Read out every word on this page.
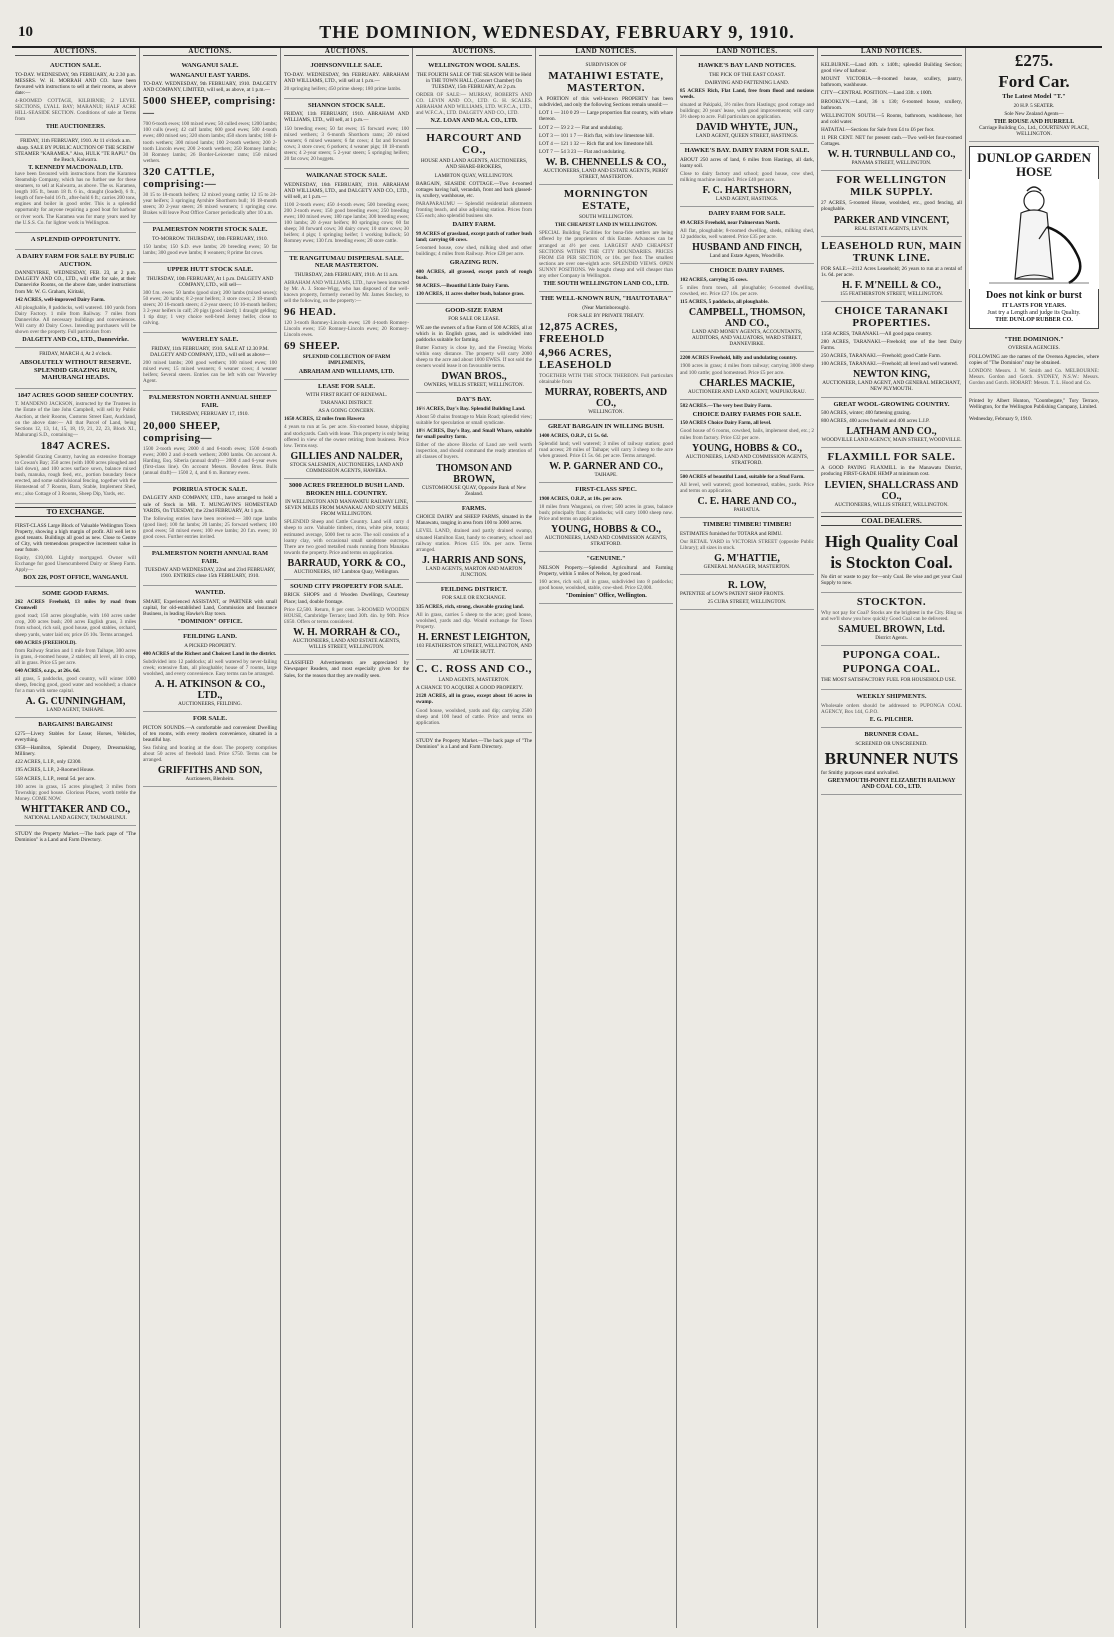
10	THE DOMINION, WEDNESDAY, FEBRUARY 9, 1910.
AUCTIONS.
AUCTION SALE.

TO-DAY. WEDNESDAY, 9th FEBRUARY, At 2.30 p.m. MESSRS. W. H. MORRAH AND CO. have been favoured with instructions to sell at their rooms, as above date:—

4-ROOMED COTTAGE, KILBIRNIE; 2 LEVEL SECTIONS, LYALL BAY; MARANUI; HALF ACRE HILL-SEASIDE SECTION. Conditions of sale at Terms from

THE AUCTIONEERS.

FRIDAY, 11th FEBRUARY, 1910. At 11 o'clock a.m. sharp. SALE BY PUBLIC AUCTION OF THE SCREW STEAMER "KARAMEA." Also, HULK "TE RAPU." On the Beach, Kaiwarra.

T. KENNEDY MACDONALD, LTD.

have been favoured with instructions from the Karamea Steamship Company, which has no further use for these steamers, to sell at Kaiwarra, as above. The ss. Karamea, length 105 ft., beam 18 ft. 6 in., draught (loaded), 6 ft., length of fore-hold 16 ft., after-hold 6 ft.; carries 200 tons, engines and boiler in good order. This is a splendid opportunity for anyone requiring a good boat for harbour or river work. The Karamea was for many years used by the U.S.S. Co. for lighter work in Wellington.

A SPLENDID OPPORTUNITY.
A DAIRY FARM FOR SALE BY PUBLIC AUCTION.

DANNEVIRKE, WEDNESDAY, FEB. 23, at 2 p.m. DALGETY AND CO., LTD., will offer for sale, at their Dannevirke Rooms, on the above date, under instructions from Mr. W. G. Graham, Kiritaki,

142 ACRES, well-improved Dairy Farm.

All ploughable, 8 paddocks, well watered. 100 yards from Dairy Factory. 1 mile from Railway. 7 miles from Dannevirke. All necessary buildings and conveniences. Will carry 40 Dairy Cows. Intending purchasers will be shown over the property. Full particulars from

DALGETY AND CO., LTD., Dannevirke.

FRIDAY, MARCH 4, At 2 o'clock.

ABSOLUTELY WITHOUT RESERVE. SPLENDID GRAZING RUN, MAHURANGI HEADS.
1847 ACRES GOOD SHEEP COUNTRY.

T. MANDENO JACKSON, instructed by the Trustees in the Estate of the late John Campbell, will sell by Public Auction, at their Rooms, Customs Street East, Auckland, on the above date:— All that Parcel of Land, being Sections 12, 13, 14, 15, 18, 19, 21, 22, 23, Block XI., Mahurangi S.D., containing—

1847 ACRES.

Splendid Grazing Country, having an extensive frontage to Cowan's Bay; 350 acres (with 1000 acres ploughed and laid down), and 100 acres surface sown, balance mixed bush, manuka, rough feed, etc., portion boundary fence erected, and some subdivisional fencing, together with the Homestead of 7 Rooms, Barn, Stable, Implement Shed, etc.; also Cottage of 3 Rooms, Sheep Dip, Yards, etc.

TO EXCHANGE.

FIRST-CLASS Large Block of Valuable Wellington Town Property, showing a high margin of profit. All well let to good tenants. Buildings all good as new. Close to Centre of City, with tremendous prospective increment value in near future.

Equity, £10,000. Lightly mortgaged. Owner will Exchange for good Unencumbered Dairy or Sheep Farm. Apply—

BOX 226, POST OFFICE, WANGANUI.
SOME GOOD FARMS.

262 ACRES Freehold, 13 miles by road from Cromwell

good road; 150 acres ploughable, with 160 acres under crop, 200 acres bush; 200 acres English grass, 3 miles from school, rich soil, good house, good stables, orchard, sheep yards, water laid on; price £6 10s. Terms arranged.

600 ACRES (FREEHOLD).

from Railway Station and 1 mile from Taihape, 300 acres in grass, 4-roomed house, 2 stables; all level, all in crop, all in grass. Price £5 per acre.

640 ACRES, o.r.p., at 26s. 6d.

all grass, 5 paddocks, good country, will winter 1000 sheep, fencing good, good water and woolshed; a chance for a man with some capital.

A. G. CUNNINGHAM,
LAND AGENT, TAIHAPE.
BARGAINS! BARGAINS!

£275—Livery Stables for Lease; Horses, Vehicles, everything.

£950—Hamilton, Splendid Drapery, Dressmaking, Millinery.

422 ACRES, L.I.P., only £2300.

195 ACRES, L.I.P., 2-Roomed House.

558 ACRES, L.I.P., rental 5d. per acre.

100 acres in grass, 15 acres ploughed; 3 miles from Township; good house. Glorious Places, worth treble the Money. COME NOW.

WHITTAKER AND CO.,
NATIONAL LAND AGENCY, TAUMARUNUI.

STUDY the Property Market.—The back page of "The Dominion" is a Land and Farm Directory.

AUCTIONS.
WANGANUI SALE.
WANGANUI EAST YARDS.

TO-DAY. WEDNESDAY, 9th FEBRUARY, 1910. DALGETY AND COMPANY, LIMITED, will sell, as above, at 1 p.m.—

5000 SHEEP, comprising:—

700 6-tooth ewes; 100 mixed ewes; 50 culled ewes; 1200 lambs; 100 culls (ewe); 42 calf lambs; 600 good ewes; 500 4-tooth ewes; 400 mixed sex; 320 shorn lambs; 450 shorn lambs; 180 4-tooth wethers; 300 mixed lambs; 100 2-tooth wethers; 200 2-tooth Lincoln ewes; 200 2-tooth wethers; 250 Romney lambs; 30 Romney lambs; 26 Border-Leicester rams; 150 mixed wethers.

320 CATTLE, comprising:—

30 15 to 18-month heifers; 12 mixed young cattle; 12 15 to 24-year heifers; 3 springing Ayrshire Shorthorn bull; 16 18-month steers; 30 2-year steers; 26 mixed weaners; 1 springing cow. Brakes will leave Post Office Corner periodically after 10 a.m.

PALMERSTON NORTH STOCK SALE.

TO-MORROW. THURSDAY, 10th FEBRUARY, 1910.

150 lambs; 150 S.D. ewe lambs; 20 breeding ewes; 50 fat lambs; 300 good ewe lambs; 8 weaners; 8 prime fat cows.

UPPER HUTT STOCK SALE.

THURSDAY, 10th FEBRUARY, At 1 p.m. DALGETY AND COMPANY, LTD., will sell—

300 f.m. ewes; 50 lambs (good size); 200 lambs (mixed sexes); 50 ewes; 20 lambs; 8 2-year heifers; 3 store cows; 2 18-month steers; 20 16-month steers; 4 2-year steers; 10 16-month heifers; 3 2-year heifers in calf; 20 pigs (good sized); 1 draught gelding; 1 tip dray; 1 very choice well-bred Jersey heifer, close to calving.

WAVERLEY SALE.

FRIDAY, 11th FEBRUARY, 1910. SALE AT 12.30 P.M. DALGETY AND COMPANY, LTD., will sell as above—

200 mixed lambs; 200 good wethers; 100 mixed ewes; 100 mixed ewes; 15 mixed weaners; 6 weaner cows; 4 weaner heifers; Several steers. Entries can be left with our Waverley Agent.

PALMERSTON NORTH ANNUAL SHEEP FAIR.

THURSDAY, FEBRUARY 17, 1910.

20,000 SHEEP, comprising—

1500 2-tooth ewes; 2000 4 and 6-tooth ewes; 1500 4-tooth ewes; 2000 2 and 4-tooth wethers; 2000 lambs. On account A. Harding, Esq. Siberia (annual draft)— 2000 4 and 6-year ewes (first-class line). On account Messrs. Bowden Bros. Bulls (annual draft)— 1500 2, 4, and 6 m. Romney ewes.

PORIRUA STOCK SALE.

DALGETY AND COMPANY, LTD., have arranged to hold a sale of Stock in MR. T. MUNGAVIN'S HOMESTEAD YARDS, On TUESDAY, the 22nd FEBRUARY, At 1 p.m.

The following entries have been received:— 300 rape lambs (good line); 100 fat lambs; 20 lambs; 25 forward wethers; 100 good ewes; 50 mixed ewes; 100 ewe lambs; 20 f.m. ewes; 10 good cows. Further entries invited.

PALMERSTON NORTH ANNUAL RAM FAIR.

TUESDAY AND WEDNESDAY, 22nd and 23rd FEBRUARY, 1910. ENTRIES close 15th FEBRUARY, 1910.

WANTED.

SMART, Experienced ASSISTANT, or PARTNER with small capital, for old-established Land, Commission and Insurance Business, in leading Hawke's Bay town.

"DOMINION" OFFICE.
FEILDING LAND.

A PICKED PROPERTY.

400 ACRES of the Richest and Choicest Land in the district.

Subdivided into 12 paddocks; all well watered by never-failing creek; extensive flats, all ploughable; house of 7 rooms, large woolshed, and every convenience. Easy terms can be arranged.

A. H. ATKINSON & CO., LTD.,
AUCTIONEERS, FEILDING.
FOR SALE.

PICTON SOUNDS.—A comfortable and convenient Dwelling of ten rooms, with every modern convenience, situated in a beautiful bay.

Sea fishing and boating at the door. The property comprises about 50 acres of freehold land. Price £750. Terms can be arranged.

GRIFFITHS AND SON,
Auctioneers, Blenheim.
AUCTIONS.
JOHNSONVILLE SALE.

TO-DAY. WEDNESDAY, 9th FEBRUARY. ABRAHAM AND WILLIAMS, LTD., will sell at 1 p.m.—

20 springing heifers; 450 prime sheep; 180 prime lambs.

SHANNON STOCK SALE.

FRIDAY, 11th FEBRUARY, 1910. ABRAHAM AND WILLIAMS, LTD., will sell, at 1 p.m.—

150 breeding ewes; 50 fat ewes; 15 forward ewes; 100 mixed wethers; 3 6-month Shorthorn rams; 20 mixed weaners; 6 mixed weaners; 6 fat cows; 4 fat and forward cows; 3 store cows; 6 porkers; 4 weaner pigs; 18 18-month steers; 4 2-year steers; 5 2-year steers; 5 springing heifers; 20 fat cows; 20 hoggets.

WAIKANAE STOCK SALE.

WEDNESDAY, 16th FEBRUARY, 1910. ABRAHAM AND WILLIAMS, LTD., and DALGETY AND CO., LTD., will sell, at 1 p.m.—

1100 2-tooth ewes; 450 4-tooth ewes; 500 breeding ewes; 200 2-tooth ewes; 150 good breeding ewes; 250 breeding ewes; 100 mixed ewes; 180 rape lambs; 300 breeding ewes; 100 lambs; 20 4-year heifers; 80 springing cows; 60 fat sheep; 30 forward cows; 30 dairy cows; 10 store cows; 30 heifers; 4 pigs; 1 springing heifer; 1 working bullock; 50 Romney ewes; 130 f.m. breeding ewes; 20 store cattle.

TE RANGITUMAU DISPERSAL SALE. NEAR MASTERTON.

THURSDAY, 24th FEBRUARY, 1910. At 11 a.m.

ABRAHAM AND WILLIAMS, LTD., have been instructed by Mr. A. J. Stone-Wigg, who has disposed of the well-known property, formerly owned by Mr. James Stuckey, to sell the following, on the property:—

96 HEAD.

120 3-tooth Romney-Lincoln ewes; 120 4-tooth Romney-Lincoln ewes; 150 Romney-Lincoln ewes; 20 Romney-Lincoln ewes.

69 SHEEP.

SPLENDID COLLECTION OF FARM IMPLEMENTS,

ABRAHAM AND WILLIAMS, LTD.
LEASE FOR SALE.

WITH FIRST RIGHT OF RENEWAL.

TARANAKI DISTRICT.

AS A GOING CONCERN.

1650 ACRES, 12 miles from Hawera

4 years to run at 5s. per acre. Six-roomed house, shipping and stockyards. Cash with lease. This property is only being offered in view of the owner retiring from business. Price low. Terms easy.

GILLIES AND NALDER,
STOCK SALESMEN, AUCTIONEERS, LAND AND COMMISSION AGENTS, HAWERA.
3000 ACRES FREEHOLD BUSH LAND. BROKEN HILL COUNTRY.

IN WELLINGTON AND MANAWATU RAILWAY LINE, SEVEN MILES FROM MANAKAU AND SIXTY MILES FROM WELLINGTON.

SPLENDID Sheep and Cattle Country. Land will carry 4 sheep to acre. Valuable timbers, rimu, white pine, totara; estimated average, 5000 feet to acre. The soil consists of a loamy clay, with occasional small sandstone outcrops. There are two good metalled roads running from Manakau towards the property. Price and terms on application.

BARRAUD, YORK & CO.,
AUCTIONEERS, 187 Lambton Quay, Wellington.
SOUND CITY PROPERTY FOR SALE.

BRICK SHOPS and 4 Wooden Dwellings, Courtenay Place; land, double frontage.

Price £2,500. Return, 8 per cent. 3-ROOMED WOODEN HOUSE, Cambridge Terrace; land 30ft. 4in. by 90ft. Price £650. Offers or terms considered.

W. H. MORRAH & CO.,
AUCTIONEERS, LAND AND ESTATE AGENTS, WILLIS STREET, WELLINGTON.

CLASSIFIED Advertisements are appreciated by Newspaper Readers, and most especially given for the Sales, for the reason that they are readily seen.

AUCTIONS.
WELLINGTON WOOL SALES.

THE FOURTH SALE OF THE SEASON Will be Held in THE TOWN HALL (Concert Chamber) On TUESDAY, 15th FEBRUARY, At 2 p.m.

ORDER OF SALE:— MURRAY, ROBERTS AND CO. LEVIN AND CO., LTD. G. H. SCALES. ABRAHAM AND WILLIAMS, LTD. W.F.C.A., LTD., and W.F.C.A., LTD. DALGETY AND CO., LTD.

N.Z. LOAN AND M.A. CO., LTD.
HARCOURT AND CO.,

HOUSE AND LAND AGENTS, AUCTIONEERS, AND SHARE-BROKERS,

LAMBTON QUAY, WELLINGTON.

BARGAIN, SEASIDE COTTAGE.—Two 4-roomed cottages having hall, verandah, front and back glassed-in, scullery, washhouse, etc.

PARAPARAUMU — Splendid residential allotments fronting beach, and also adjoining station. Prices from £55 each; also splendid business site.

DAIRY FARM.

99 ACRES of grassland, except patch of rather bush land; carrying 60 cows.

5-roomed house, cow shed, milking shed and other buildings; 4 miles from Railway. Price £28 per acre.

GRAZING RUN.

400 ACRES, all grassed, except patch of rough bush.

98 ACRES.—Beautiful Little Dairy Farm.

130 ACRES, 11 acres shelter bush, balance grass.

GOOD-SIZE FARM

FOR SALE OR LEASE.

WE are the owners of a fine Farm of 500 ACRES, all at which is in English grass, and is subdivided into paddocks suitable for farming.

Butter Factory is close by, and the Freezing Works within easy distance. The property will carry 2000 sheep to the acre and about 1000 EWES. If not sold the owners would lease it on favourable terms.

DWAN BROS.,
OWNERS, WILLIS STREET, WELLINGTON.
DAY'S BAY.

16½ ACRES, Day's Bay. Splendid Building Land.

About 50 chains frontage to Main Road; splendid view; suitable for speculation or small syndicate.

18½ ACRES, Day's Bay, and Small Whare, suitable for small poultry farm.

Either of the above Blocks of Land are well worth inspection, and should command the ready attention of all classes of buyers.

THOMSON AND BROWN,
CUSTOMHOUSE QUAY, Opposite Bank of New Zealand.
FARMS.

CHOICE DAIRY and SHEEP FARMS, situated in the Manawatu, ranging in area from 100 to 3000 acres.

LEVEL LAND, drained and partly drained swamp, situated Hamilton East, handy to creamery, school and railway station. Prices £15 10s. per acre. Terms arranged.

J. HARRIS AND SONS,
LAND AGENTS, MARTON AND MARTON JUNCTION.
FEILDING DISTRICT.

FOR SALE OR EXCHANGE.

335 ACRES, rich, strong, cleavable grazing land.

All in grass, carries 5 sheep to the acre; good house, woolshed, yards and dip. Would exchange for Town Property.

H. ERNEST LEIGHTON,
103 FEATHERSTON STREET, WELLINGTON, AND AT LOWER HUTT.
C. C. ROSS AND CO.,

LAND AGENTS, MASTERTON.

A CHANCE TO ACQUIRE A GOOD PROPERTY.

2128 ACRES, all in grass, except about 16 acres in swamp.

Good house, woolshed, yards and dip; carrying 2500 sheep and 100 head of cattle. Price and terms on application.

STUDY the Property Market.—The back page of "The Dominion" is a Land and Farm Directory.

LAND NOTICES.

SUBDIVISION OF

MATAHIWI ESTATE, MASTERTON.

A PORTION of this well-known PROPERTY has been subdivided, and only the following Sections remain unsold:—

LOT 1 — 310 0 29 — Large proportion flat country, with whare thereon.

LOT 2 — 59 2 2 — Flat and undulating.

LOT 3 — 101 1 7 — Rich flat, with low limestone hill.

LOT 4 — 121 1 32 — Rich flat and low limestone hill.

LOT 7 — 54 3 23 — Flat and undulating.

W. B. CHENNELLS & CO.,
AUCTIONEERS, LAND AND ESTATE AGENTS, PERRY STREET, MASTERTON.
MORNINGTON ESTATE,

SOUTH WELLINGTON.

THE CHEAPEST LAND IN WELLINGTON.

SPECIAL Building Facilities for bona-fide settlers are being offered by the proprietors of this Estate. Advances can be arranged at 4½ per cent. LARGEST AND CHEAPEST SECTIONS WITHIN THE CITY BOUNDARIES. PRICES FROM £50 PER SECTION, or 10s. per foot. The smallest sections are over one-eighth acre. SPLENDID VIEWS. OPEN SUNNY POSITIONS. We bought cheap and will cheaper than any other Company in Wellington.

THE SOUTH WELLINGTON LAND CO., LTD.
THE WELL-KNOWN RUN, "HAUTOTARA"

(Near Martinborough).

FOR SALE BY PRIVATE TREATY.

12,875 ACRES, FREEHOLD
4,966 ACRES, LEASEHOLD

TOGETHER WITH THE STOCK THEREON. Full particulars obtainable from

MURRAY, ROBERTS, AND CO.,
WELLINGTON.
GREAT BARGAIN IN WILLING BUSH.

1400 ACRES, O.R.P., £1 5s. 6d.

Splendid land; well watered; 3 miles of railway station; good road access; 20 miles of Taihape; will carry 3 sheep to the acre when grassed. Price £1 5s. 6d. per acre. Terms arranged.

W. P. GARNER AND CO.,
TAIHAPE.
FIRST-CLASS SPEC.

1900 ACRES, O.R.P., at 10s. per acre.

18 miles from Wanganui, on river; 500 acres in grass, balance bush; principally flats; 4 paddocks; will carry 1000 sheep now. Price and terms on application.

YOUNG, HOBBS & CO.,
AUCTIONEERS, LAND AND COMMISSION AGENTS, STRATFORD.
"GENUINE."

NELSON Property.—Splendid Agricultural and Farming Property, within 5 miles of Nelson, by good road.

160 acres, rich soil, all in grass, subdivided into 8 paddocks; good house, woolshed, stable, cow-shed. Price £2,000.

"Dominion" Office, Wellington.
LAND NOTICES.
HAWKE'S BAY LAND NOTICES.

THE PICK OF THE EAST COAST.

DAIRYING AND FATTENING LAND.

85 ACRES Rich, Flat Land, free from flood and noxious weeds.

situated at Pakipaki, 3½ miles from Hastings; good cottage and buildings; 20 years' lease, with good improvements; will carry 3½ sheep to acre. Full particulars on application.

DAVID WHYTE, JUN.,
LAND AGENT, QUEEN STREET, HASTINGS.
HAWKE'S BAY. DAIRY FARM FOR SALE.

ABOUT 250 acres of land, 6 miles from Hastings, all dark, loamy soil.

Close to dairy factory and school; good house, cow shed, milking machine installed. Price £40 per acre.

F. C. HARTSHORN,
LAND AGENT, HASTINGS.
DAIRY FARM FOR SALE.

49 ACRES Freehold, near Palmerston North.

All flat, ploughable; 8-roomed dwelling, sheds, milking shed, 12 paddocks, well watered. Price £35 per acre.

HUSBAND AND FINCH,
Land and Estate Agents, Woodville.
CHOICE DAIRY FARMS.

102 ACRES, carrying 35 cows.

5 miles from town, all ploughable; 6-roomed dwelling, cowshed, etc. Price £27 10s. per acre.

115 ACRES, 5 paddocks, all ploughable.

CAMPBELL, THOMSON, AND CO.,
LAND AND MONEY AGENTS, ACCOUNTANTS, AUDITORS, AND VALUATORS, WARD STREET, DANNEVIRKE.

2200 ACRES Freehold, hilly and undulating country.

1900 acres in grass; 4 miles from railway; carrying 3000 sheep and 100 cattle; good homestead. Price £5 per acre.

CHARLES MACKIE,
AUCTIONEER AND LAND AGENT, WAIPUKURAU.

582 ACRES.—The very best Dairy Farm.

CHOICE DAIRY FARMS FOR SALE.

150 ACRES Choice Dairy Farm, all level.

Good house of 6 rooms, cowshed, bails, implement shed, etc.; 2 miles from factory. Price £32 per acre.

YOUNG, HOBBS & CO.,
AUCTIONEERS, LAND AND COMMISSION AGENTS, STRATFORD.

500 ACRES of beautiful Land, suitable for a Stud Farm.

All level, well watered; good homestead, stables, yards. Price and terms on application.

C. E. HARE AND CO.,
PAHIATUA.
TIMBER! TIMBER! TIMBER!

ESTIMATES furnished for TOTARA and RIMU.

Our RETAIL YARD in VICTORIA STREET (opposite Public Library); all sizes in stock.

G. M'HATTIE,
GENERAL MANAGER, MASTERTON.
R. LOW,

PATENTEE of LOW'S PATENT SHOP FRONTS.

25 CUBA STREET, WELLINGTON.
LAND NOTICES.

KELBURNE.—Land 40ft. x 140ft.; splendid Building Section; good view of harbour.

MOUNT VICTORIA.—8-roomed house, scullery, pantry, bathroom, washhouse.

CITY—CENTRAL POSITION.—Land 33ft. x 100ft.

BROOKLYN.—Land, 36 x 130; 6-roomed house, scullery, bathroom.

WELLINGTON SOUTH.—5 Rooms, bathroom, washhouse, hot and cold water.

HATAITAI.—Sections for Sale from £4 to £6 per foot.

11 PER CENT. NET for present cash.—Two well-let four-roomed Cottages.

W. H. TURNBULL AND CO.,
PANAMA STREET, WELLINGTON.
FOR WELLINGTON MILK SUPPLY.

27 ACRES, 5-roomed House, woolshed, etc., good fencing, all ploughable.

PARKER AND VINCENT,
REAL ESTATE AGENTS, LEVIN.
LEASEHOLD RUN, MAIN TRUNK LINE.

FOR SALE.—2112 Acres Leasehold; 26 years to run at a rental of 1s. 6d. per acre.

H. F. M'NEILL & CO.,
155 FEATHERSTON STREET, WELLINGTON.
CHOICE TARANAKI PROPERTIES.

1350 ACRES, TARANAKI.—All good papa country.

280 ACRES, TARANAKI.—Freehold; one of the best Dairy Farms.

250 ACRES, TARANAKI.—Freehold; good Cattle Farm.

100 ACRES, TARANAKI.—Freehold; all level and well watered.

NEWTON KING,
AUCTIONEER, LAND AGENT, AND GENERAL MERCHANT, NEW PLYMOUTH.
GREAT WOOL-GROWING COUNTRY.

500 ACRES, winter; 400 fattening grazing.

800 ACRES, 400 acres freehold and 400 acres L.I.P.

LATHAM AND CO.,
WOODVILLE LAND AGENCY, MAIN STREET, WOODVILLE.
FLAXMILL FOR SALE.

A GOOD PAYING FLAXMILL in the Manawatu District, producing FIRST-GRADE HEMP at minimum cost.

LEVIEN, SHALLCRASS AND CO.,
AUCTIONEERS, WILLIS STREET, WELLINGTON.
COAL DEALERS.
High Quality Coal
is Stockton Coal.

No dirt or waste to pay for—only Coal. Be wise and get your Coal Supply to now.

STOCKTON.

Why not pay for Coal? Stocks are the brightest in the City. Ring us and we'll show you how quickly Good Coal can be delivered.

SAMUEL BROWN, Ltd.
District Agents.
PUPONGA COAL.
PUPONGA COAL.

THE MOST SATISFACTORY FUEL FOR HOUSEHOLD USE.

WEEKLY SHIPMENTS.

Wholesale orders should be addressed to PUPONGA COAL AGENCY, Box 144, G.P.O.

E. G. PILCHER.
BRUNNER COAL.

SCREENED OR UNSCREENED.

BRUNNER NUTS

for Smithy purposes stand unrivalled.

GREYMOUTH-POINT ELIZABETH RAILWAY AND COAL CO., LTD.
£275.
Ford Car.
The Latest Model "T."

20 H.P. 5 SEATER.

Sole New Zealand Agents—

THE ROUSE AND HURRELL
Carriage Building Co., Ltd., COURTENAY PLACE, WELLINGTON.
DUNLOP GARDEN HOSE
Does not kink or burst
IT LASTS FOR YEARS.
Just try a Length and judge its Quality.
THE DUNLOP RUBBER CO.
"THE DOMINION."

OVERSEA AGENCIES.

FOLLOWING are the names of the Oversea Agencies, where copies of "The Dominion" may be obtained.

LONDON: Messrs. J. W. Smith and Co. MELBOURNE: Messrs. Gordon and Gotch. SYDNEY, N.S.W.: Messrs. Gordon and Gotch. HOBART: Messrs. T. L. Hood and Co.

Printed by Albert Hunton, "Coombegate," Tory Terrace, Wellington, for the Wellington Publishing Company, Limited.

Wednesday, February 9, 1910.
